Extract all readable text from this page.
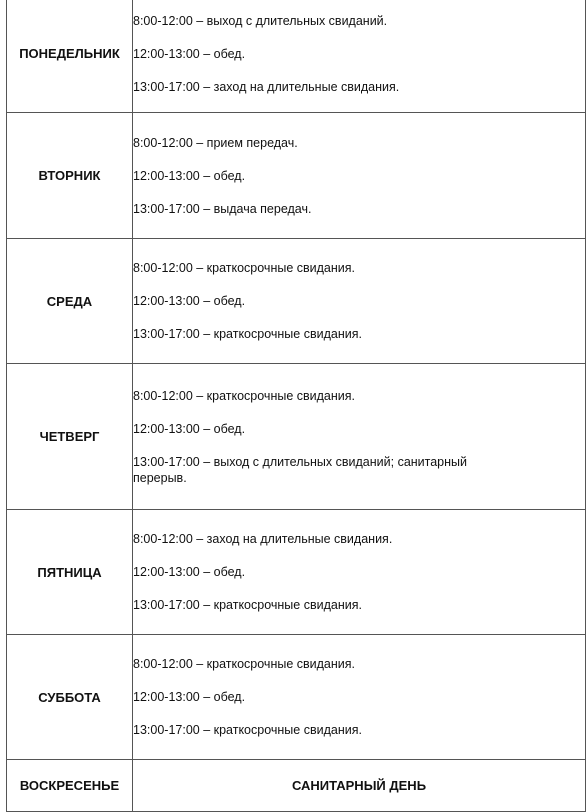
ПОНЕДЕЛЬНИК	8:00-12:00 – выход с длительных свиданий.

12:00-13:00 – обед.

13:00-17:00 – заход на длительные свидания.

ВТОРНИК	8:00-12:00 – прием передач.

12:00-13:00 – обед.

13:00-17:00 – выдача передач.

СРЕДА	8:00-12:00 – краткосрочные свидания.

12:00-13:00 – обед.

13:00-17:00 – краткосрочные свидания.

ЧЕТВЕРГ	8:00-12:00 – краткосрочные свидания.

12:00-13:00 – обед.

13:00-17:00 – выход с длительных свиданий; санитарный перерыв.

ПЯТНИЦА	8:00-12:00 – заход на длительные свидания.

12:00-13:00 – обед.

13:00-17:00 – краткосрочные свидания.

СУББОТА	8:00-12:00 – краткосрочные свидания.

12:00-13:00 – обед.

13:00-17:00 – краткосрочные свидания.

ВОСКРЕСЕНЬЕ	САНИТАРНЫЙ ДЕНЬ
